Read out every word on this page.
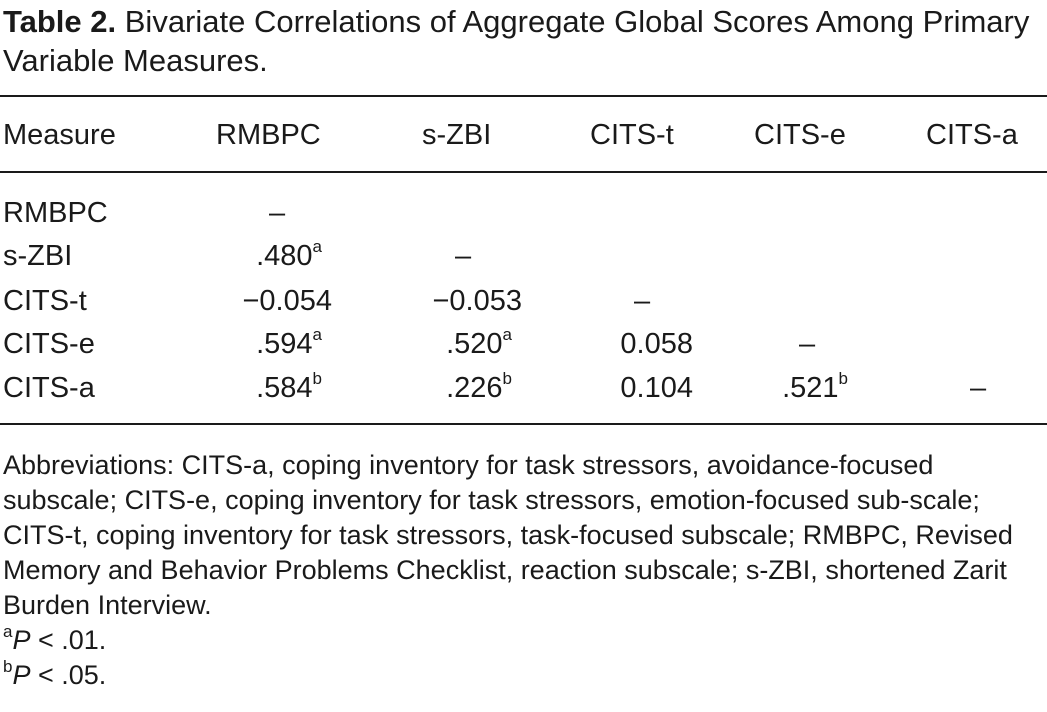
Table 2. Bivariate Correlations of Aggregate Global Scores Among Primary Variable Measures.
Measure	RMBPC	s-ZBI	CITS-t	CITS-e	CITS-a
RMBPC	–
s-ZBI	.480$^a$	–
CITS-t	−0.054	−0.053	–
CITS-e	.594$^a$	.520$^a$	0.058	–
CITS-a	.584$^b$	.226$^b$	0.104	.521$^b$	–

Abbreviations: CITS-a, coping inventory for task stressors, avoidance-focused subscale; CITS-e, coping inventory for task stressors, emotion-focused sub-scale; CITS-t, coping inventory for task stressors, task-focused subscale; RMBPC, Revised Memory and Behavior Problems Checklist, reaction subscale; s-ZBI, shortened Zarit Burden Interview.

$^a$P < .01.

$^b$P < .05.
